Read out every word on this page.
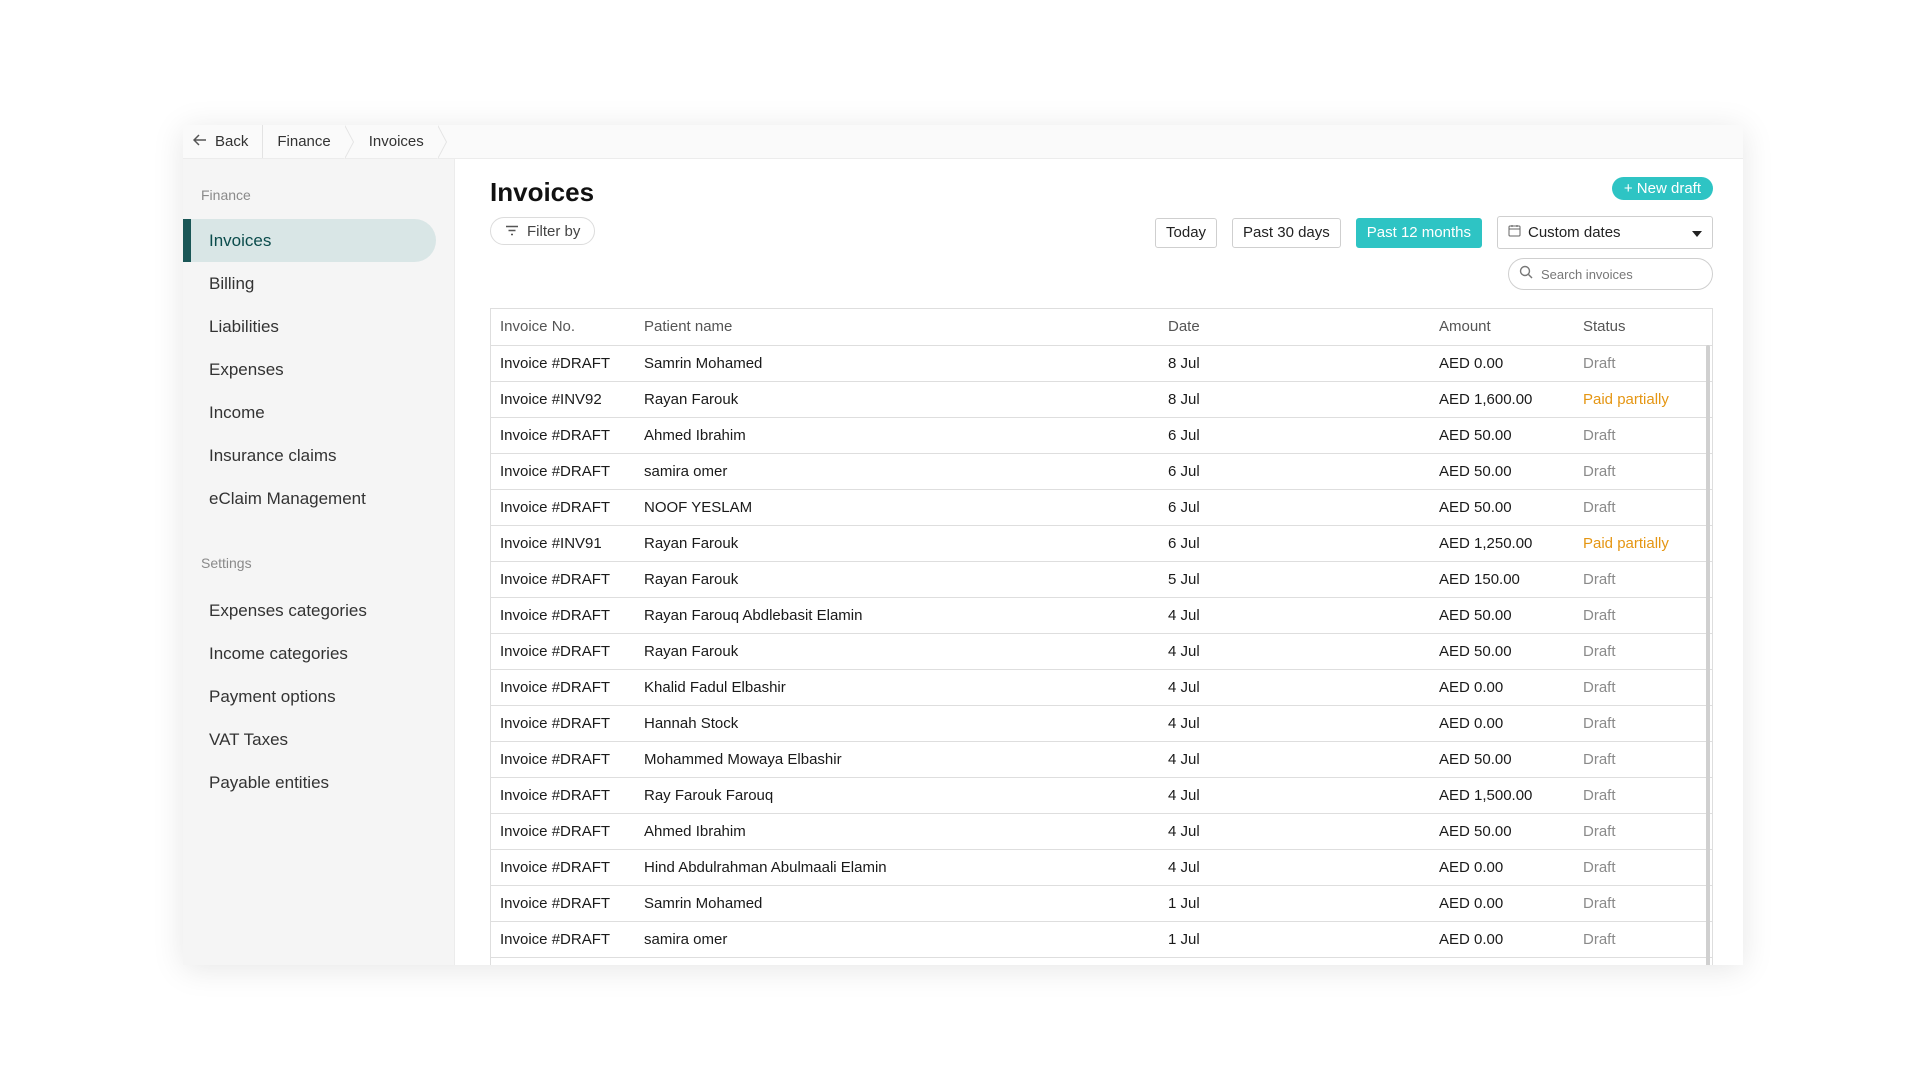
Back Finance	Invoices
Finance
Invoices
Billing
Liabilities
Expenses
Income
Insurance claims
eClaim Management
Settings
Expenses categories
Income categories
Payment options
VAT Taxes
Payable entities
Invoices	+ New draft
Filter by	Today	Past 30 days	Past 12 months	Custom dates
Search invoices
Invoice No.	Patient name	Date	Amount	Status
Invoice #DRAFT	Samrin Mohamed	8 Jul	AED 0.00	Draft
Invoice #INV92	Rayan Farouk	8 Jul	AED 1,600.00	Paid partially
Invoice #DRAFT	Ahmed Ibrahim	6 Jul	AED 50.00	Draft
Invoice #DRAFT	samira omer	6 Jul	AED 50.00	Draft
Invoice #DRAFT	NOOF YESLAM	6 Jul	AED 50.00	Draft
Invoice #INV91	Rayan Farouk	6 Jul	AED 1,250.00	Paid partially
Invoice #DRAFT	Rayan Farouk	5 Jul	AED 150.00	Draft
Invoice #DRAFT	Rayan Farouq Abdlebasit Elamin	4 Jul	AED 50.00	Draft
Invoice #DRAFT	Rayan Farouk	4 Jul	AED 50.00	Draft
Invoice #DRAFT	Khalid Fadul Elbashir	4 Jul	AED 0.00	Draft
Invoice #DRAFT	Hannah Stock	4 Jul	AED 0.00	Draft
Invoice #DRAFT	Mohammed Mowaya Elbashir	4 Jul	AED 50.00	Draft
Invoice #DRAFT	Ray Farouk Farouq	4 Jul	AED 1,500.00	Draft
Invoice #DRAFT	Ahmed Ibrahim	4 Jul	AED 50.00	Draft
Invoice #DRAFT	Hind Abdulrahman Abulmaali Elamin	4 Jul	AED 0.00	Draft
Invoice #DRAFT	Samrin Mohamed	1 Jul	AED 0.00	Draft
Invoice #DRAFT	samira omer	1 Jul	AED 0.00	Draft
